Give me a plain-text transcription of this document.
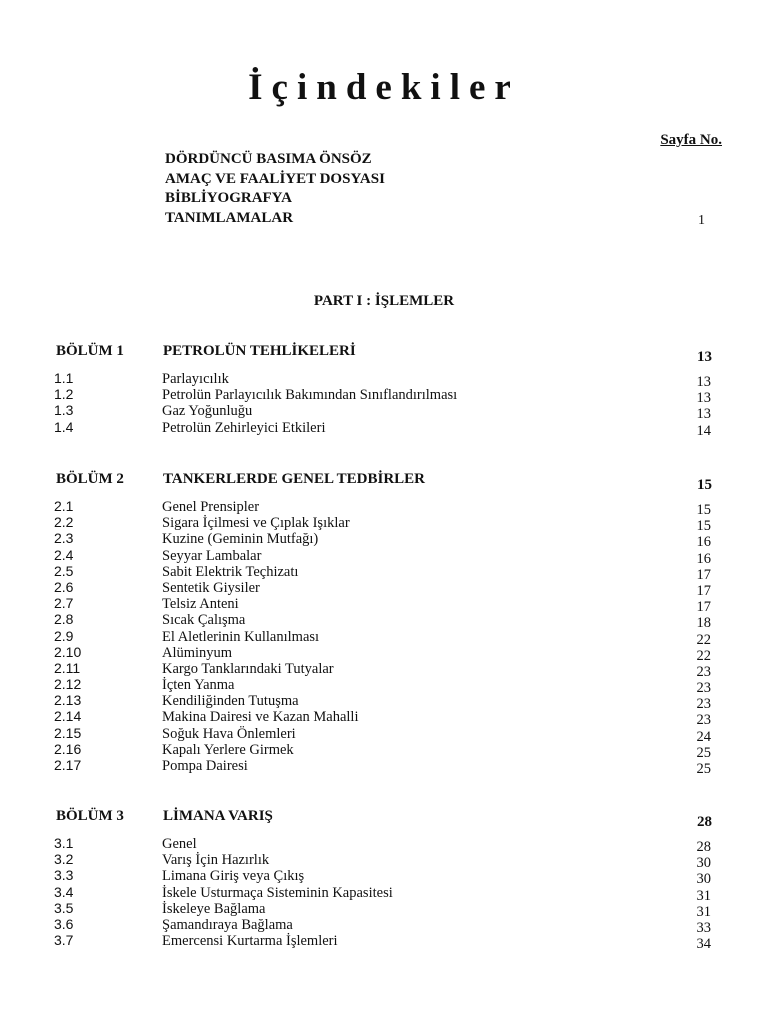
İçindekiler
Sayfa No.
DÖRDÜNCÜ BASIMA ÖNSÖZ
AMAÇ VE FAALİYET DOSYASI
BİBLİYOGRAFYA
TANIMLAMALAR	1
PART I : İŞLEMLER
BÖLÜM 1	PETROLÜN TEHLİKELERİ	13
1.1	Parlayıcılık	13
1.2	Petrolün Parlayıcılık Bakımından Sınıflandırılması	13
1.3	Gaz Yoğunluğu	13
1.4	Petrolün Zehirleyici Etkileri	14
BÖLÜM 2	TANKERLERDE GENEL TEDBİRLER	15
2.1	Genel Prensipler	15
2.2	Sigara İçilmesi ve Çıplak Işıklar	15
2.3	Kuzine (Geminin Mutfağı)	16
2.4	Seyyar Lambalar	16
2.5	Sabit Elektrik Teçhizatı	17
2.6	Sentetik Giysiler	17
2.7	Telsiz Anteni	17
2.8	Sıcak Çalışma	18
2.9	El Aletlerinin Kullanılması	22
2.10	Alüminyum	22
2.11	Kargo Tanklarındaki Tutyalar	23
2.12	İçten Yanma	23
2.13	Kendiliğinden Tutuşma	23
2.14	Makina Dairesi ve Kazan Mahalli	23
2.15	Soğuk Hava Önlemleri	24
2.16	Kapalı Yerlere Girmek	25
2.17	Pompa Dairesi	25
BÖLÜM 3	LİMANA VARIŞ	28
3.1	Genel	28
3.2	Varış İçin Hazırlık	30
3.3	Limana Giriş veya Çıkış	30
3.4	İskele Usturmaça Sisteminin Kapasitesi	31
3.5	İskeleye Bağlama	31
3.6	Şamandıraya Bağlama	33
3.7	Emercensi Kurtarma İşlemleri	34
